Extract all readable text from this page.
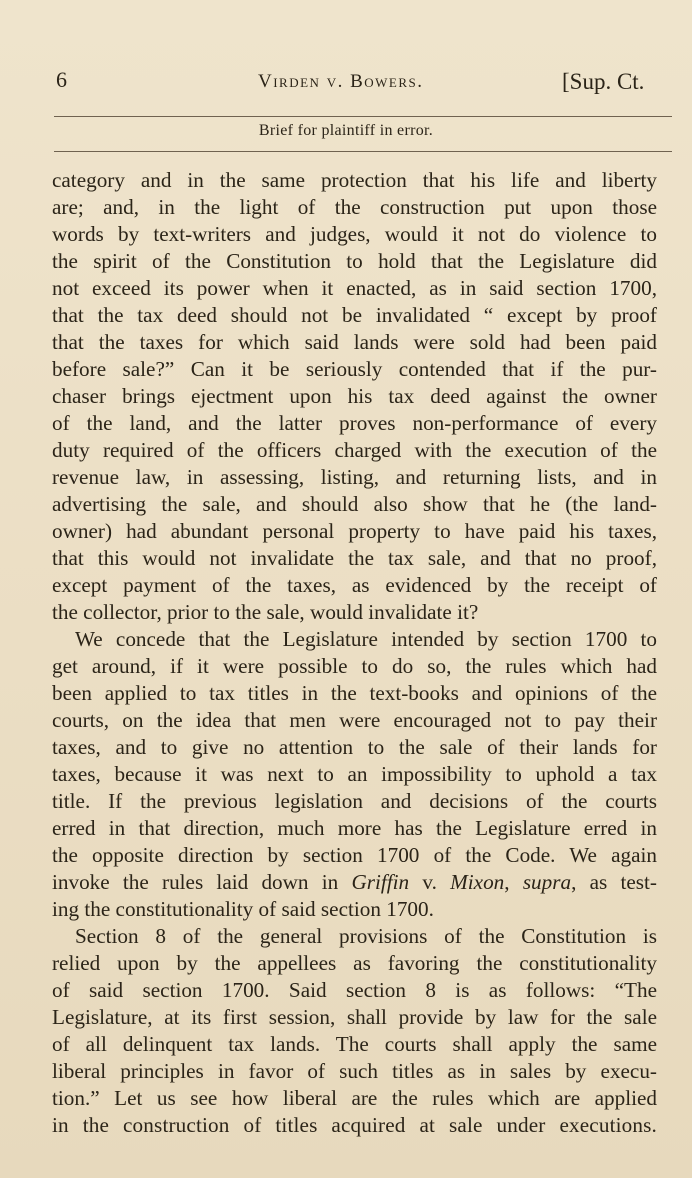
6	Virden v. Bowers.	[Sup. Ct.
Brief for plaintiff in error.
category and in the same protection that his life and liberty
are; and, in the light of the construction put upon those
words by text-writers and judges, would it not do violence to
the spirit of the Constitution to hold that the Legislature did
not exceed its power when it enacted, as in said section 1700,
that the tax deed should not be invalidated “ except by proof
that the taxes for which said lands were sold had been paid
before sale?” Can it be seriously contended that if the pur-
chaser brings ejectment upon his tax deed against the owner
of the land, and the latter proves non-performance of every
duty required of the officers charged with the execution of the
revenue law, in assessing, listing, and returning lists, and in
advertising the sale, and should also show that he (the land-
owner) had abundant personal property to have paid his taxes,
that this would not invalidate the tax sale, and that no proof,
except payment of the taxes, as evidenced by the receipt of
the collector, prior to the sale, would invalidate it?
We concede that the Legislature intended by section 1700 to
get around, if it were possible to do so, the rules which had
been applied to tax titles in the text-books and opinions of the
courts, on the idea that men were encouraged not to pay their
taxes, and to give no attention to the sale of their lands for
taxes, because it was next to an impossibility to uphold a tax
title. If the previous legislation and decisions of the courts
erred in that direction, much more has the Legislature erred in
the opposite direction by section 1700 of the Code. We again
invoke the rules laid down in Griffin v. Mixon, supra, as test-
ing the constitutionality of said section 1700.
Section 8 of the general provisions of the Constitution is
relied upon by the appellees as favoring the constitutionality
of said section 1700. Said section 8 is as follows: “The
Legislature, at its first session, shall provide by law for the sale
of all delinquent tax lands. The courts shall apply the same
liberal principles in favor of such titles as in sales by execu-
tion.” Let us see how liberal are the rules which are applied
in the construction of titles acquired at sale under executions.
